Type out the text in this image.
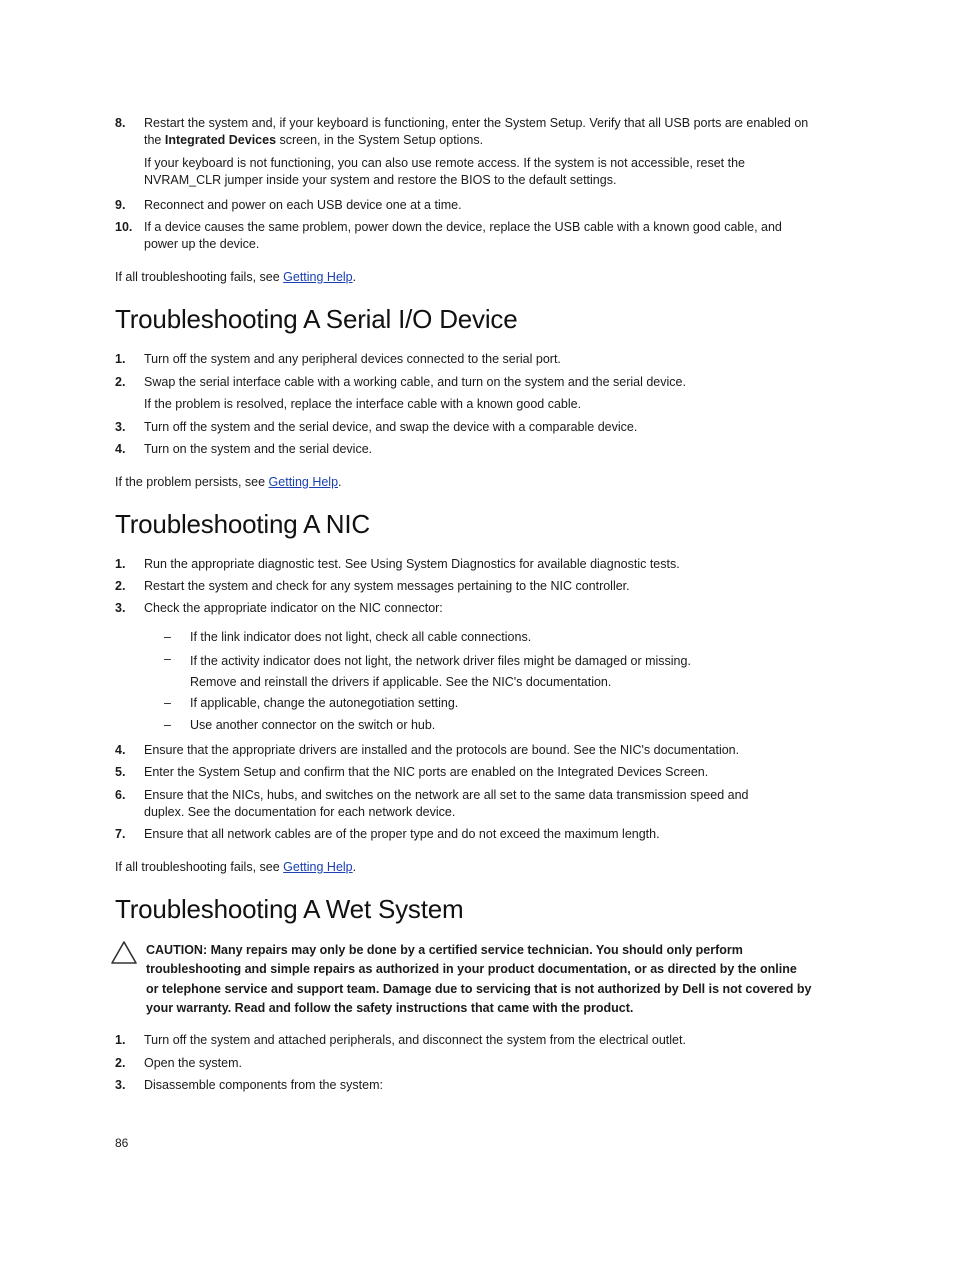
8. Restart the system and, if your keyboard is functioning, enter the System Setup. Verify that all USB ports are enabled on the Integrated Devices screen, in the System Setup options.
If your keyboard is not functioning, you can also use remote access. If the system is not accessible, reset the NVRAM_CLR jumper inside your system and restore the BIOS to the default settings.
9. Reconnect and power on each USB device one at a time.
10. If a device causes the same problem, power down the device, replace the USB cable with a known good cable, and power up the device.
If all troubleshooting fails, see Getting Help.
Troubleshooting A Serial I/O Device
1. Turn off the system and any peripheral devices connected to the serial port.
2. Swap the serial interface cable with a working cable, and turn on the system and the serial device.
If the problem is resolved, replace the interface cable with a known good cable.
3. Turn off the system and the serial device, and swap the device with a comparable device.
4. Turn on the system and the serial device.
If the problem persists, see Getting Help.
Troubleshooting A NIC
1. Run the appropriate diagnostic test. See Using System Diagnostics for available diagnostic tests.
2. Restart the system and check for any system messages pertaining to the NIC controller.
3. Check the appropriate indicator on the NIC connector:
– If the link indicator does not light, check all cable connections.
– If the activity indicator does not light, the network driver files might be damaged or missing. Remove and reinstall the drivers if applicable. See the NIC's documentation.
– If applicable, change the autonegotiation setting.
– Use another connector on the switch or hub.
4. Ensure that the appropriate drivers are installed and the protocols are bound. See the NIC's documentation.
5. Enter the System Setup and confirm that the NIC ports are enabled on the Integrated Devices Screen.
6. Ensure that the NICs, hubs, and switches on the network are all set to the same data transmission speed and duplex. See the documentation for each network device.
7. Ensure that all network cables are of the proper type and do not exceed the maximum length.
If all troubleshooting fails, see Getting Help.
Troubleshooting A Wet System
CAUTION: Many repairs may only be done by a certified service technician. You should only perform troubleshooting and simple repairs as authorized in your product documentation, or as directed by the online or telephone service and support team. Damage due to servicing that is not authorized by Dell is not covered by your warranty. Read and follow the safety instructions that came with the product.
1. Turn off the system and attached peripherals, and disconnect the system from the electrical outlet.
2. Open the system.
3. Disassemble components from the system:
86
